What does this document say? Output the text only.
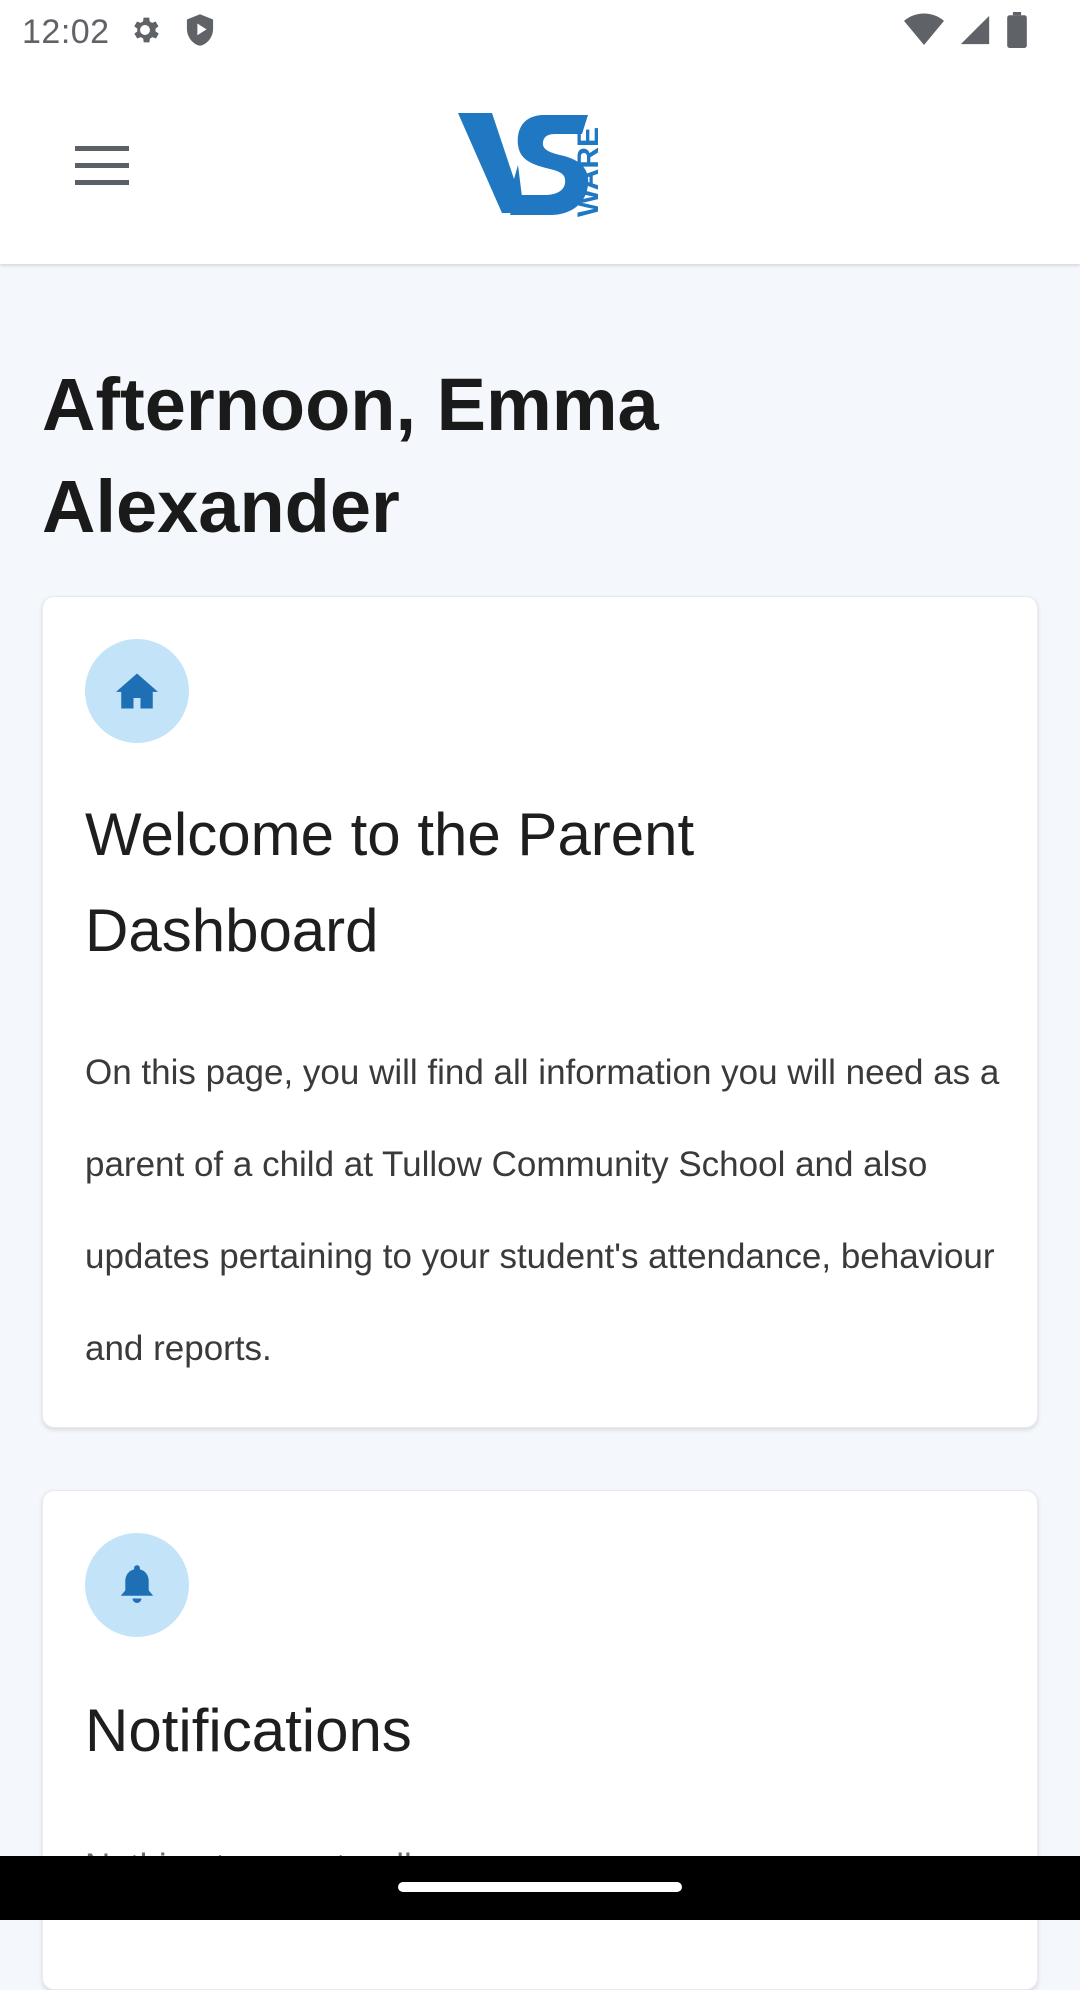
12:02
WARE
Afternoon, Emma
Alexander
Welcome to the Parent
Dashboard

On this page, you will find all information you will need as a parent of a child at Tullow Community School and also updates pertaining to your student's attendance, behaviour and reports.

Notifications
